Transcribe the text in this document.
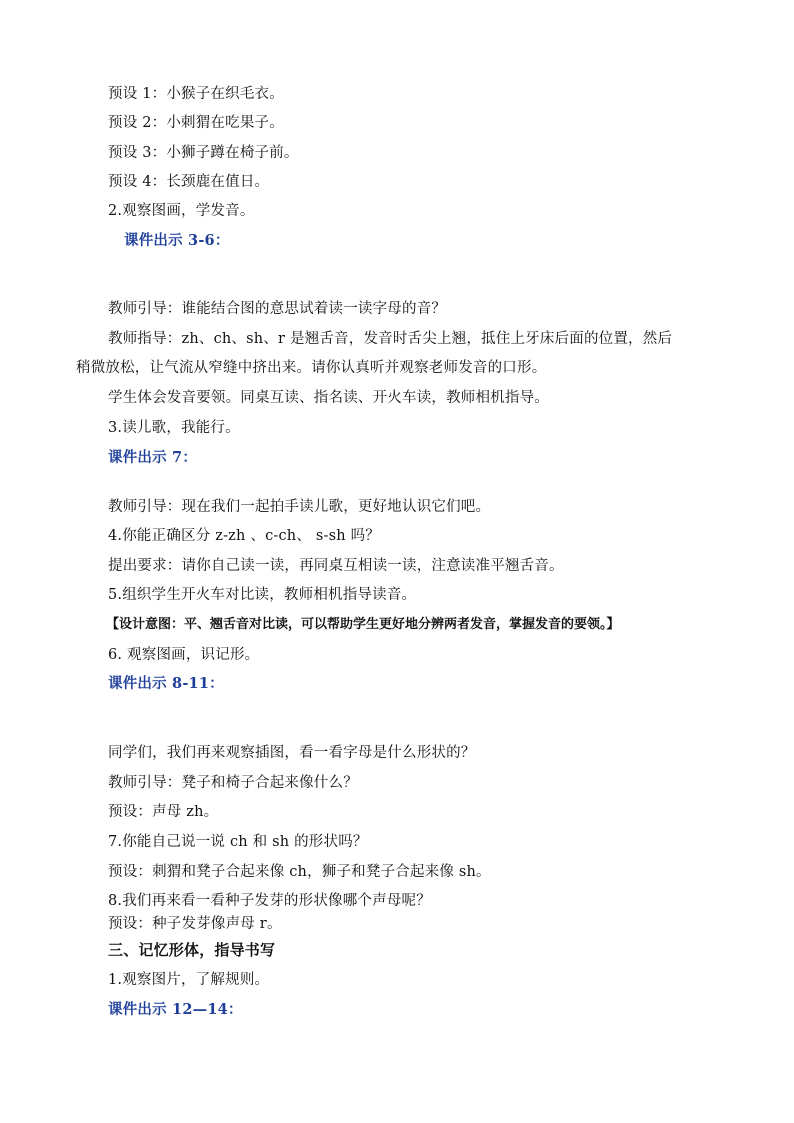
预设 1：小猴子在织毛衣。
预设 2：小刺猬在吃果子。
预设 3：小狮子蹲在椅子前。
预设 4：长颈鹿在值日。
2.观察图画，学发音。
课件出示 3-6：
教师引导：谁能结合图的意思试着读一读字母的音？
教师指导：zh、ch、sh、r 是翘舌音，发音时舌尖上翘，抵住上牙床后面的位置，然后
稍微放松，让气流从窄缝中挤出来。请你认真听并观察老师发音的口形。
学生体会发音要领。同桌互读、指名读、开火车读，教师相机指导。
3.读儿歌，我能行。
课件出示 7：
教师引导：现在我们一起拍手读儿歌，更好地认识它们吧。
4.你能正确区分 z-zh 、c-ch、 s-sh 吗？
提出要求：请你自己读一读，再同桌互相读一读，注意读准平翘舌音。
5.组织学生开火车对比读，教师相机指导读音。
【设计意图：平、翘舌音对比读，可以帮助学生更好地分辨两者发音，掌握发音的要领。】
6. 观察图画，识记形。
课件出示 8-11：
同学们，我们再来观察插图，看一看字母是什么形状的？
教师引导：凳子和椅子合起来像什么？
预设：声母 zh。
7.你能自己说一说 ch 和 sh 的形状吗？
预设：刺猬和凳子合起来像 ch，狮子和凳子合起来像 sh。
8.我们再来看一看种子发芽的形状像哪个声母呢？
预设：种子发芽像声母 r。
三、记忆形体，指导书写
1.观察图片，了解规则。
课件出示 12—14：
